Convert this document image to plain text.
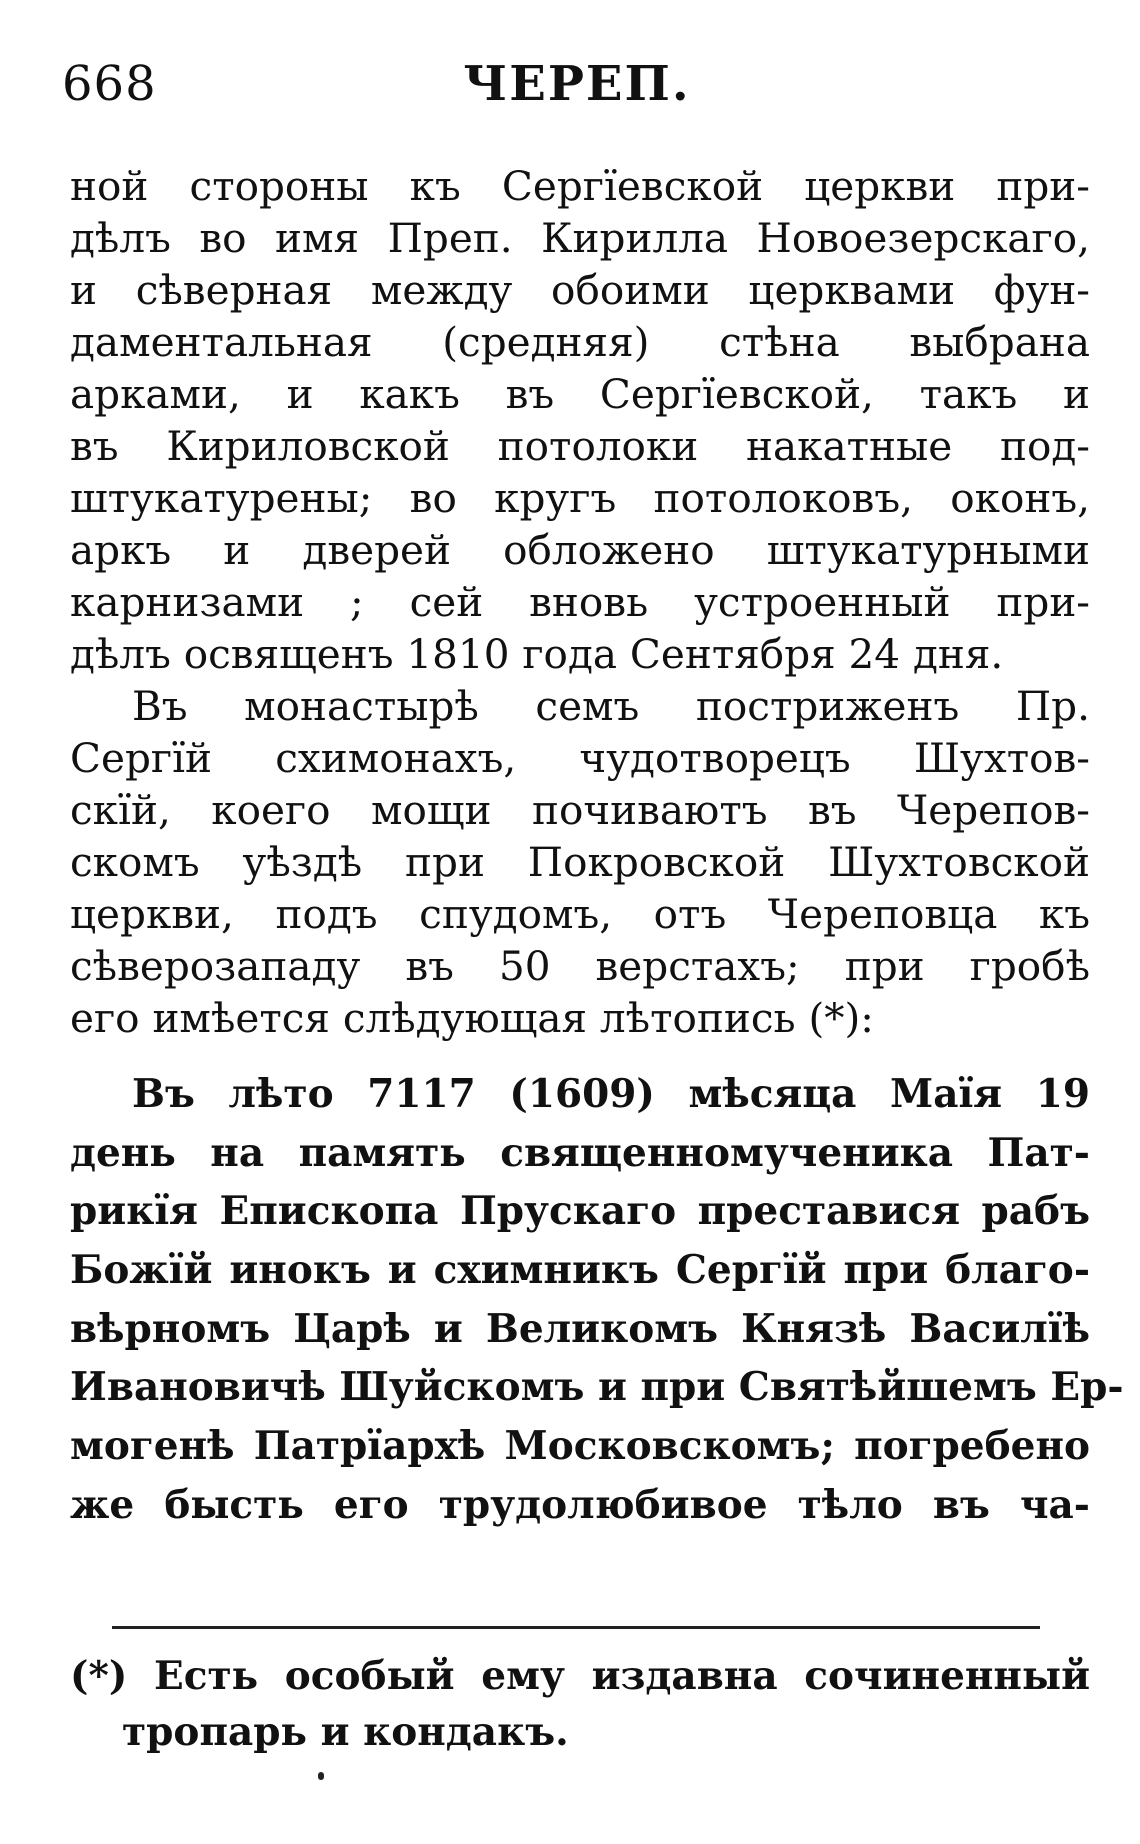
668	ЧЕРЕП.
ной стороны къ Сергїевской церкви при-
дѣлъ во имя Преп. Кирилла Новоезерскаго,
и сѣверная между обоими церквами фун-
даментальная (средняя) стѣна выбрана
арками, и какъ въ Сергїевской, такъ и
въ Кириловской потолоки накатные под-
штукатурены; во кругъ потолоковъ, оконъ,
аркъ и дверей обложено штукатурными
карнизами ; сей вновь устроенный при-
дѣлъ освященъ 1810 года Сентября 24 дня.
Въ монастырѣ семъ постриженъ Пр.
Сергїй схимонахъ, чудотворецъ Шухтов-
скїй, коего мощи почиваютъ въ Черепов-
скомъ уѣздѣ при Покровской Шухтовской
церкви, подъ спудомъ, отъ Череповца къ
сѣверозападу въ 50 верстахъ; при гробѣ
его имѣется слѣдующая лѣтопись (*):
Въ лѣто 7117 (1609) мѣсяца Маїя 19
день на память священномученика Пат-
рикїя Епископа Прускаго преставися рабъ
Божїй инокъ и схимникъ Сергїй при благо-
вѣрномъ Царѣ и Великомъ Князѣ Василїѣ
Ивановичѣ Шуйскомъ и при Святѣйшемъ Ер-
могенѣ Патрїархѣ Московскомъ; погребено
же бысть его трудолюбивое тѣло въ ча-
(*) Есть особый ему издавна сочиненный
тропарь и кондакъ.
